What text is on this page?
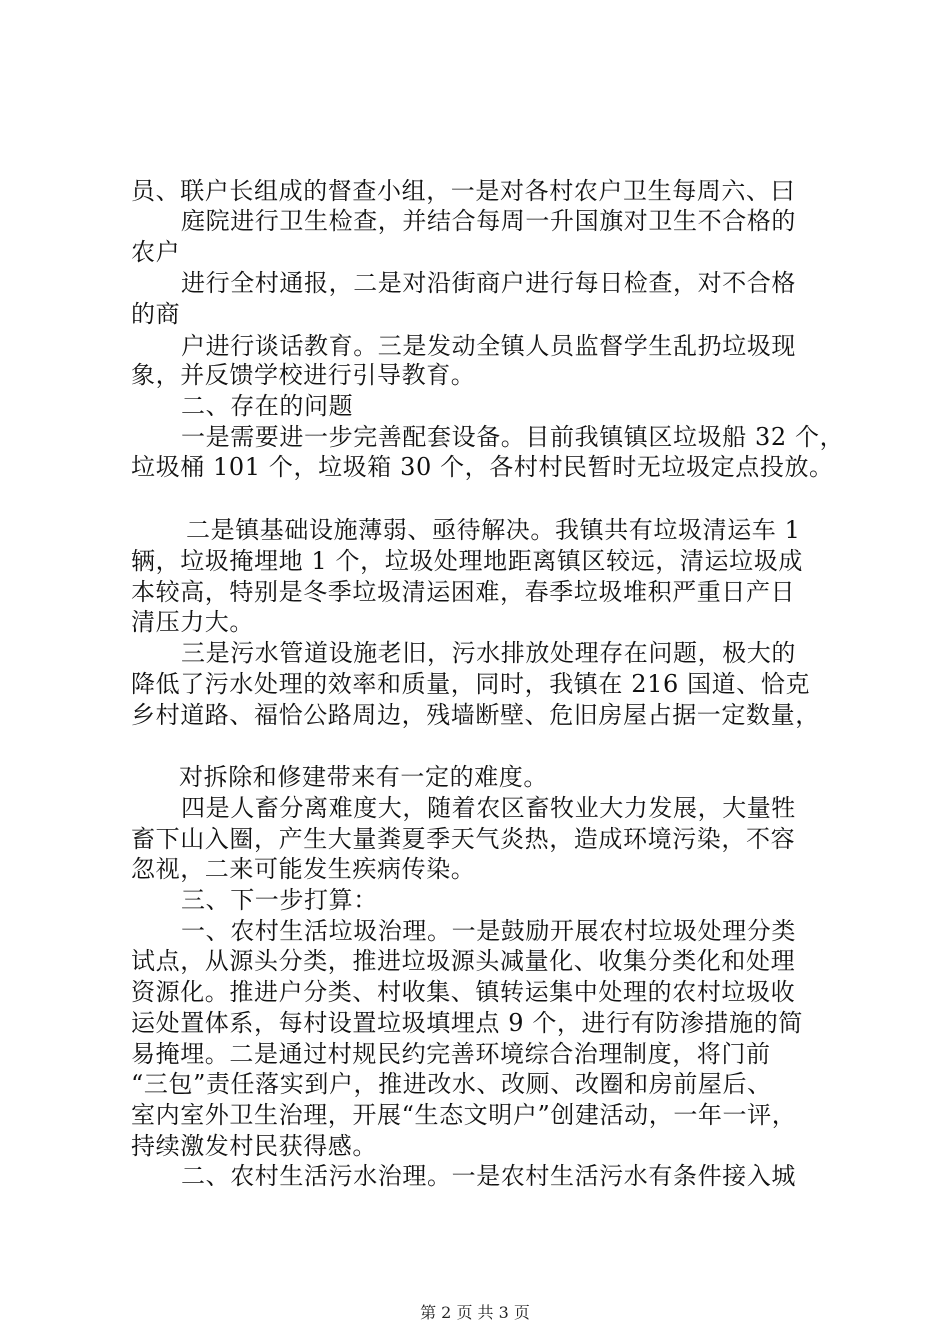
员、联户长组成的督查小组，一是对各村农户卫生每周六、曰
庭院进行卫生检查，并结合每周一升国旗对卫生不合格的
农户
进行全村通报，二是对沿街商户进行每日检查，对不合格
的商
户进行谈话教育。三是发动全镇人员监督学生乱扔垃圾现
象，并反馈学校进行引导教育。
二、存在的问题
一是需要进一步完善配套设备。目前我镇镇区垃圾船 32 个，
垃圾桶 101 个，垃圾箱 30 个，各村村民暂时无垃圾定点投放。
二是镇基础设施薄弱、亟待解决。我镇共有垃圾清运车 1
辆，垃圾掩埋地 1 个，垃圾处理地距离镇区较远，清运垃圾成
本较高，特别是冬季垃圾清运困难，春季垃圾堆积严重日产日
清压力大。
三是污水管道设施老旧，污水排放处理存在问题，极大的
降低了污水处理的效率和质量，同时，我镇在 216 国道、恰克
乡村道路、福恰公路周边，残墙断壁、危旧房屋占据一定数量，
对拆除和修建带来有一定的难度。
四是人畜分离难度大，随着农区畜牧业大力发展，大量牲
畜下山入圈，产生大量粪夏季天气炎热，造成环境污染，不容
忽视，二来可能发生疾病传染。
三、下一步打算：
一、农村生活垃圾治理。一是鼓励开展农村垃圾处理分类
试点，从源头分类，推进垃圾源头减量化、收集分类化和处理
资源化。推进户分类、村收集、镇转运集中处理的农村垃圾收
运处置体系，每村设置垃圾填埋点 9 个，进行有防渗措施的简
易掩埋。二是通过村规民约完善环境综合治理制度，将门前
“三包”责任落实到户，推进改水、改厕、改圈和房前屋后、
室内室外卫生治理，开展“生态文明户”创建活动，一年一评，
持续激发村民获得感。
二、农村生活污水治理。一是农村生活污水有条件接入城
第 2 页 共 3 页
